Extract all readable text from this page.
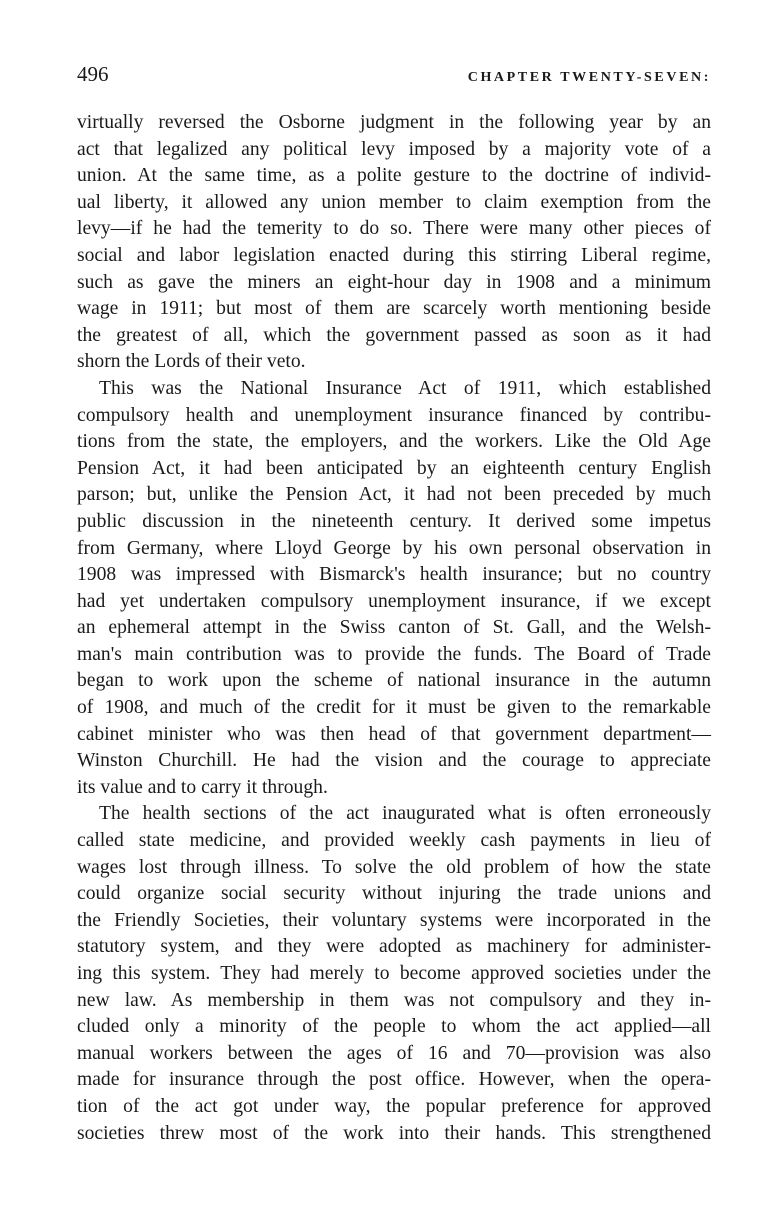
496	CHAPTER TWENTY-SEVEN:
virtually reversed the Osborne judgment in the following year by an
act that legalized any political levy imposed by a majority vote of a
union. At the same time, as a polite gesture to the doctrine of individ-
ual liberty, it allowed any union member to claim exemption from the
levy—if he had the temerity to do so. There were many other pieces of
social and labor legislation enacted during this stirring Liberal regime,
such as gave the miners an eight-hour day in 1908 and a minimum
wage in 1911; but most of them are scarcely worth mentioning beside
the greatest of all, which the government passed as soon as it had
shorn the Lords of their veto.
This was the National Insurance Act of 1911, which established
compulsory health and unemployment insurance financed by contribu-
tions from the state, the employers, and the workers. Like the Old Age
Pension Act, it had been anticipated by an eighteenth century English
parson; but, unlike the Pension Act, it had not been preceded by much
public discussion in the nineteenth century. It derived some impetus
from Germany, where Lloyd George by his own personal observation in
1908 was impressed with Bismarck's health insurance; but no country
had yet undertaken compulsory unemployment insurance, if we except
an ephemeral attempt in the Swiss canton of St. Gall, and the Welsh-
man's main contribution was to provide the funds. The Board of Trade
began to work upon the scheme of national insurance in the autumn
of 1908, and much of the credit for it must be given to the remarkable
cabinet minister who was then head of that government department—
Winston Churchill. He had the vision and the courage to appreciate
its value and to carry it through.
The health sections of the act inaugurated what is often erroneously
called state medicine, and provided weekly cash payments in lieu of
wages lost through illness. To solve the old problem of how the state
could organize social security without injuring the trade unions and
the Friendly Societies, their voluntary systems were incorporated in the
statutory system, and they were adopted as machinery for administer-
ing this system. They had merely to become approved societies under the
new law. As membership in them was not compulsory and they in-
cluded only a minority of the people to whom the act applied—all
manual workers between the ages of 16 and 70—provision was also
made for insurance through the post office. However, when the opera-
tion of the act got under way, the popular preference for approved
societies threw most of the work into their hands. This strengthened
